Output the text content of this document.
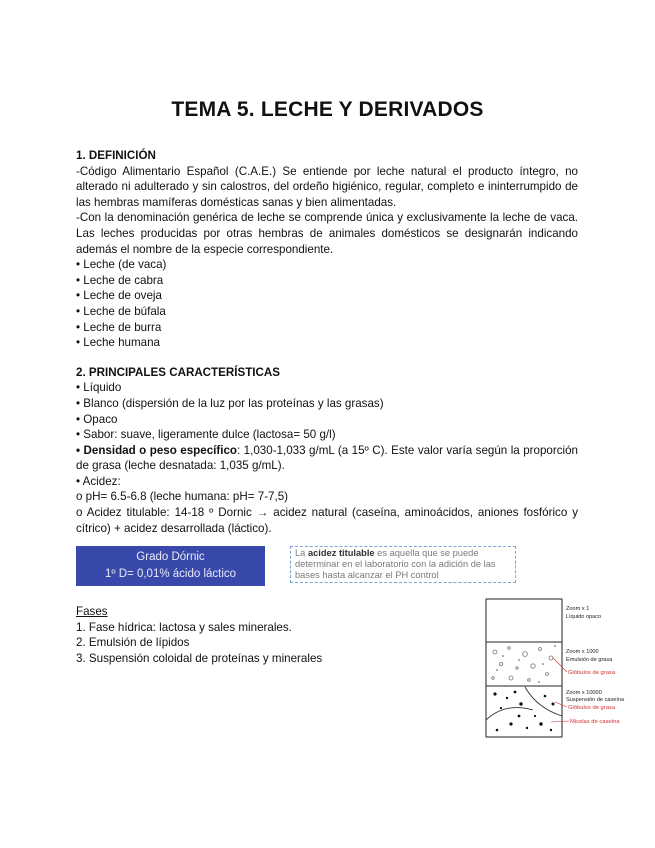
TEMA 5. LECHE Y DERIVADOS

1. DEFINICIÓN

-Código Alimentario Español (C.A.E.) Se entiende por leche natural el producto íntegro, no alterado ni adulterado y sin calostros, del ordeño higiénico, regular, completo e ininterrumpido de las hembras mamíferas domésticas sanas y bien alimentadas.

-Con la denominación genérica de leche se comprende única y exclusivamente la leche de vaca. Las leches producidas por otras hembras de animales domésticos se designarán indicando además el nombre de la especie correspondiente.

• Leche (de vaca)

• Leche de cabra

• Leche de oveja

• Leche de búfala

• Leche de burra

• Leche humana

2. PRINCIPALES CARACTERÍSTICAS

• Líquido

• Blanco (dispersión de la luz por las proteínas y las grasas)

• Opaco

• Sabor: suave, ligeramente dulce (lactosa= 50 g/l)

• Densidad o peso específico: 1,030-1,033 g/mL (a 15º C). Este valor varía según la proporción de grasa (leche desnatada: 1,035 g/mL).

• Acidez:

o pH= 6.5-6.8 (leche humana: pH= 7-7,5)

o Acidez titulable: 14-18 º Dornic → acidez natural (caseína, aminoácidos, aniones fosfórico y cítrico) + acidez desarrollada (láctico).

Grado Dórnic
1º D= 0,01% ácido láctico
La acidez titulable es aquella que se puede determinar en el laboratorio con la adición de las bases hasta alcanzar el PH control
Fases
1. Fase hídrica: lactosa y sales minerales.
2. Emulsión de lípidos
3. Suspensión coloidal de proteínas y minerales
Zoom x 1
Líquido opaco
Zoom x 1000
Emulsión de grasa
Zoom x 10000
Suspensión de caseína
Glóbulos de grasa
Glóbulos de grasa
Micelas de caseína
